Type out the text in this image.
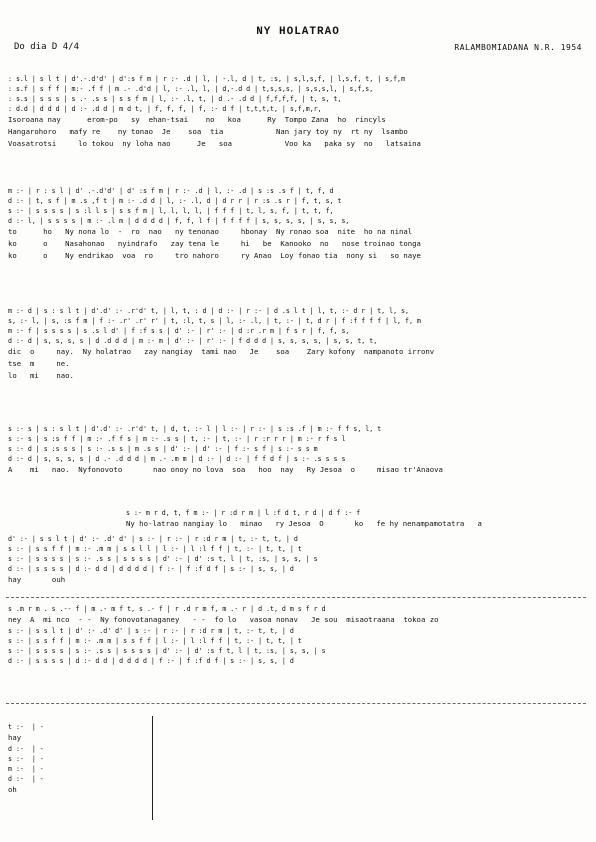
NY HOLATRAO
Do dia D 4/4	RALAMBOMIADANA N.R. 1954
: s.l | s l t | d'.-.d'd' | d':s f m | r :- .d | l, | -.l, d | t, :s, | s,l,s,f, | l,s,f, t, | s,f,m
: s.f | s f f | m:- .f f | m .- .d'd | l, :- .l, l, | d,-.d d | t,s,s,s, | s,s,s,l, | s,f,s,
: s.s | s s s | s .- .s s | s s f m | l, :- .l, t, | d .- .d d | f,f,f,f, | t, s, t,
: d.d | d d d | d :- .d d | m d t, | f, f, f, | f, :- d f | t,t,t,t, | s,f,m,r,
Isoroana nay      erom-po   sy  ehan-tsai    no   koa      Ry  Tompo Zana  ho  rincyls
Hangarohoro   mafy re    ny tonao  Je    soa  tia            Nan jary toy ny  rt ny  lsambo
Voasatrotsi     lo tokou  ny loha nao      Je   soa            Voo ka   paka sy  no   latsaina
m :- | r : s l | d' .-.d'd' | d' :s f m | r :- .d | l, :- .d | s :s .s f | t, f, d
d :- | t, s f | m .s ,f t | m :- .d d | l, :- .l, d | d r r | r :s .s r | f, t, s, t
s :- | s s s s | s :l l s | s s f m | l, l, l, l, | f f f | t, l, s, f, | t, t, f,
d :- l, | s s s s | m :- .l m | d d d d | f, f, l f | f f f f | s, s, s, s, | s, s, s,
to      ho   Ny nona lo  -  ro  nao   ny tenonao     hbonay  Ny ronao soa  nite  ho na ninal
ko      o    Nasahonao   nyindrafo   zay tena le     hi   be  Kanooko  no   nose troinao tonga
ko      o    Ny endrikao  voa  ro     tro nahoro     ry Anao  Loy fonao tia  nony si   so naye
m :- d | s : s l t | d'.d' :- .r'd' t, | l, t, : d | d :- | r :- | d .s l t | l, t, :- d r | t, l, s,
s, :- l, | s, :s f m | f :- .r' .r' r' | t, :l, t, s | l, :- .l, | t, :- | t, d r | f :f f f f | l, f, m
m :- f | s s s s | s .s l d' | f :f s s | d' :- | r' :- | d :r .r m | f s r | f, f, s,
d :- d | s, s, s, s | d .d d d | m :- m | d' :- | r' :- | f d d d | s, s, s, s, | s, s, t, t,
dic  o     nay.  Ny holatrao   zay nangiay  tami nao   Je    soa    Zary kofony  nampanoto irronv
tse  m     ne.
lo   mi    nao.
s :- s | s : s l t | d'.d' :- .r'd' t, | d, t, :- l | l :- | r :- | s :s .f | m :- f f s, l, t
s :- s | s :s f f | m :- .f f s | m :- .s s | t, :- | t, :- | r :r r r | m :- r f s l
s :- d | s :s s s | s :- .s s | m .s s | d' :- | d' :- | f :- s f | s :- s s m
d :- d | s, s, s, s | d .- .d d d | m .- .m m | d :- | d :- | f f d f | s :- .s s s s
A    mi   nao.  Nyfonovoto       nao onoy no lova  soa   hoo  nay   Ry Jesoa  o     misao tr'Anaova
s :- m r d, t, f m :- | r :d r m | l :f d t, r d | d f :- f
Ny ho-latrao nangiay lo   minao   ry Jesoa  O       ko   fe hy nenampamotatra   a
d' :- | s s l t | d' :- .d' d' | s :- | r :- | r :d r m | t, :- t, t, | d
s :- | s s f f | m :- .m m | s s l l | l :- | l :l f f | t, :- | t, t, | t
s :- | s s s s | s :- .s s | s s s s | d' :- | d' :s t, l | t, :s, | s, s, | s
d :- | s s s s | d :- d d | d d d d | f :- | f :f d f | s :- | s, s, | d
hay       ouh
s .m r m . s .-- f | m .- m f t, s .- f | r .d r m f, m .- r | d .t, d m s f r d
ney  A  mi nco  - -  Ny fonovotanaganey   - -  fo lo   vasoa nonav   Je sou  misaotraana  tokoa zo
s :- | s s l t | d' :- .d' d' | s :- | r :- | r :d r m | t, :- t, t, | d
s :- | s s f f | m :- .m m | s s f f | l :- | l :l f f | t, :- | t, t, | t
s :- | s s s s | s :- .s s | s s s s | d' :- | d' :s f t, l | t, :s, | s, s, | s
d :- | s s s s | d :- d d | d d d d | f :- | f :f d f | s :- | s, s, | d
t :-  | -
hay
d :-  | -
s :-  | -
m :-  | -
d :-  | -
oh
